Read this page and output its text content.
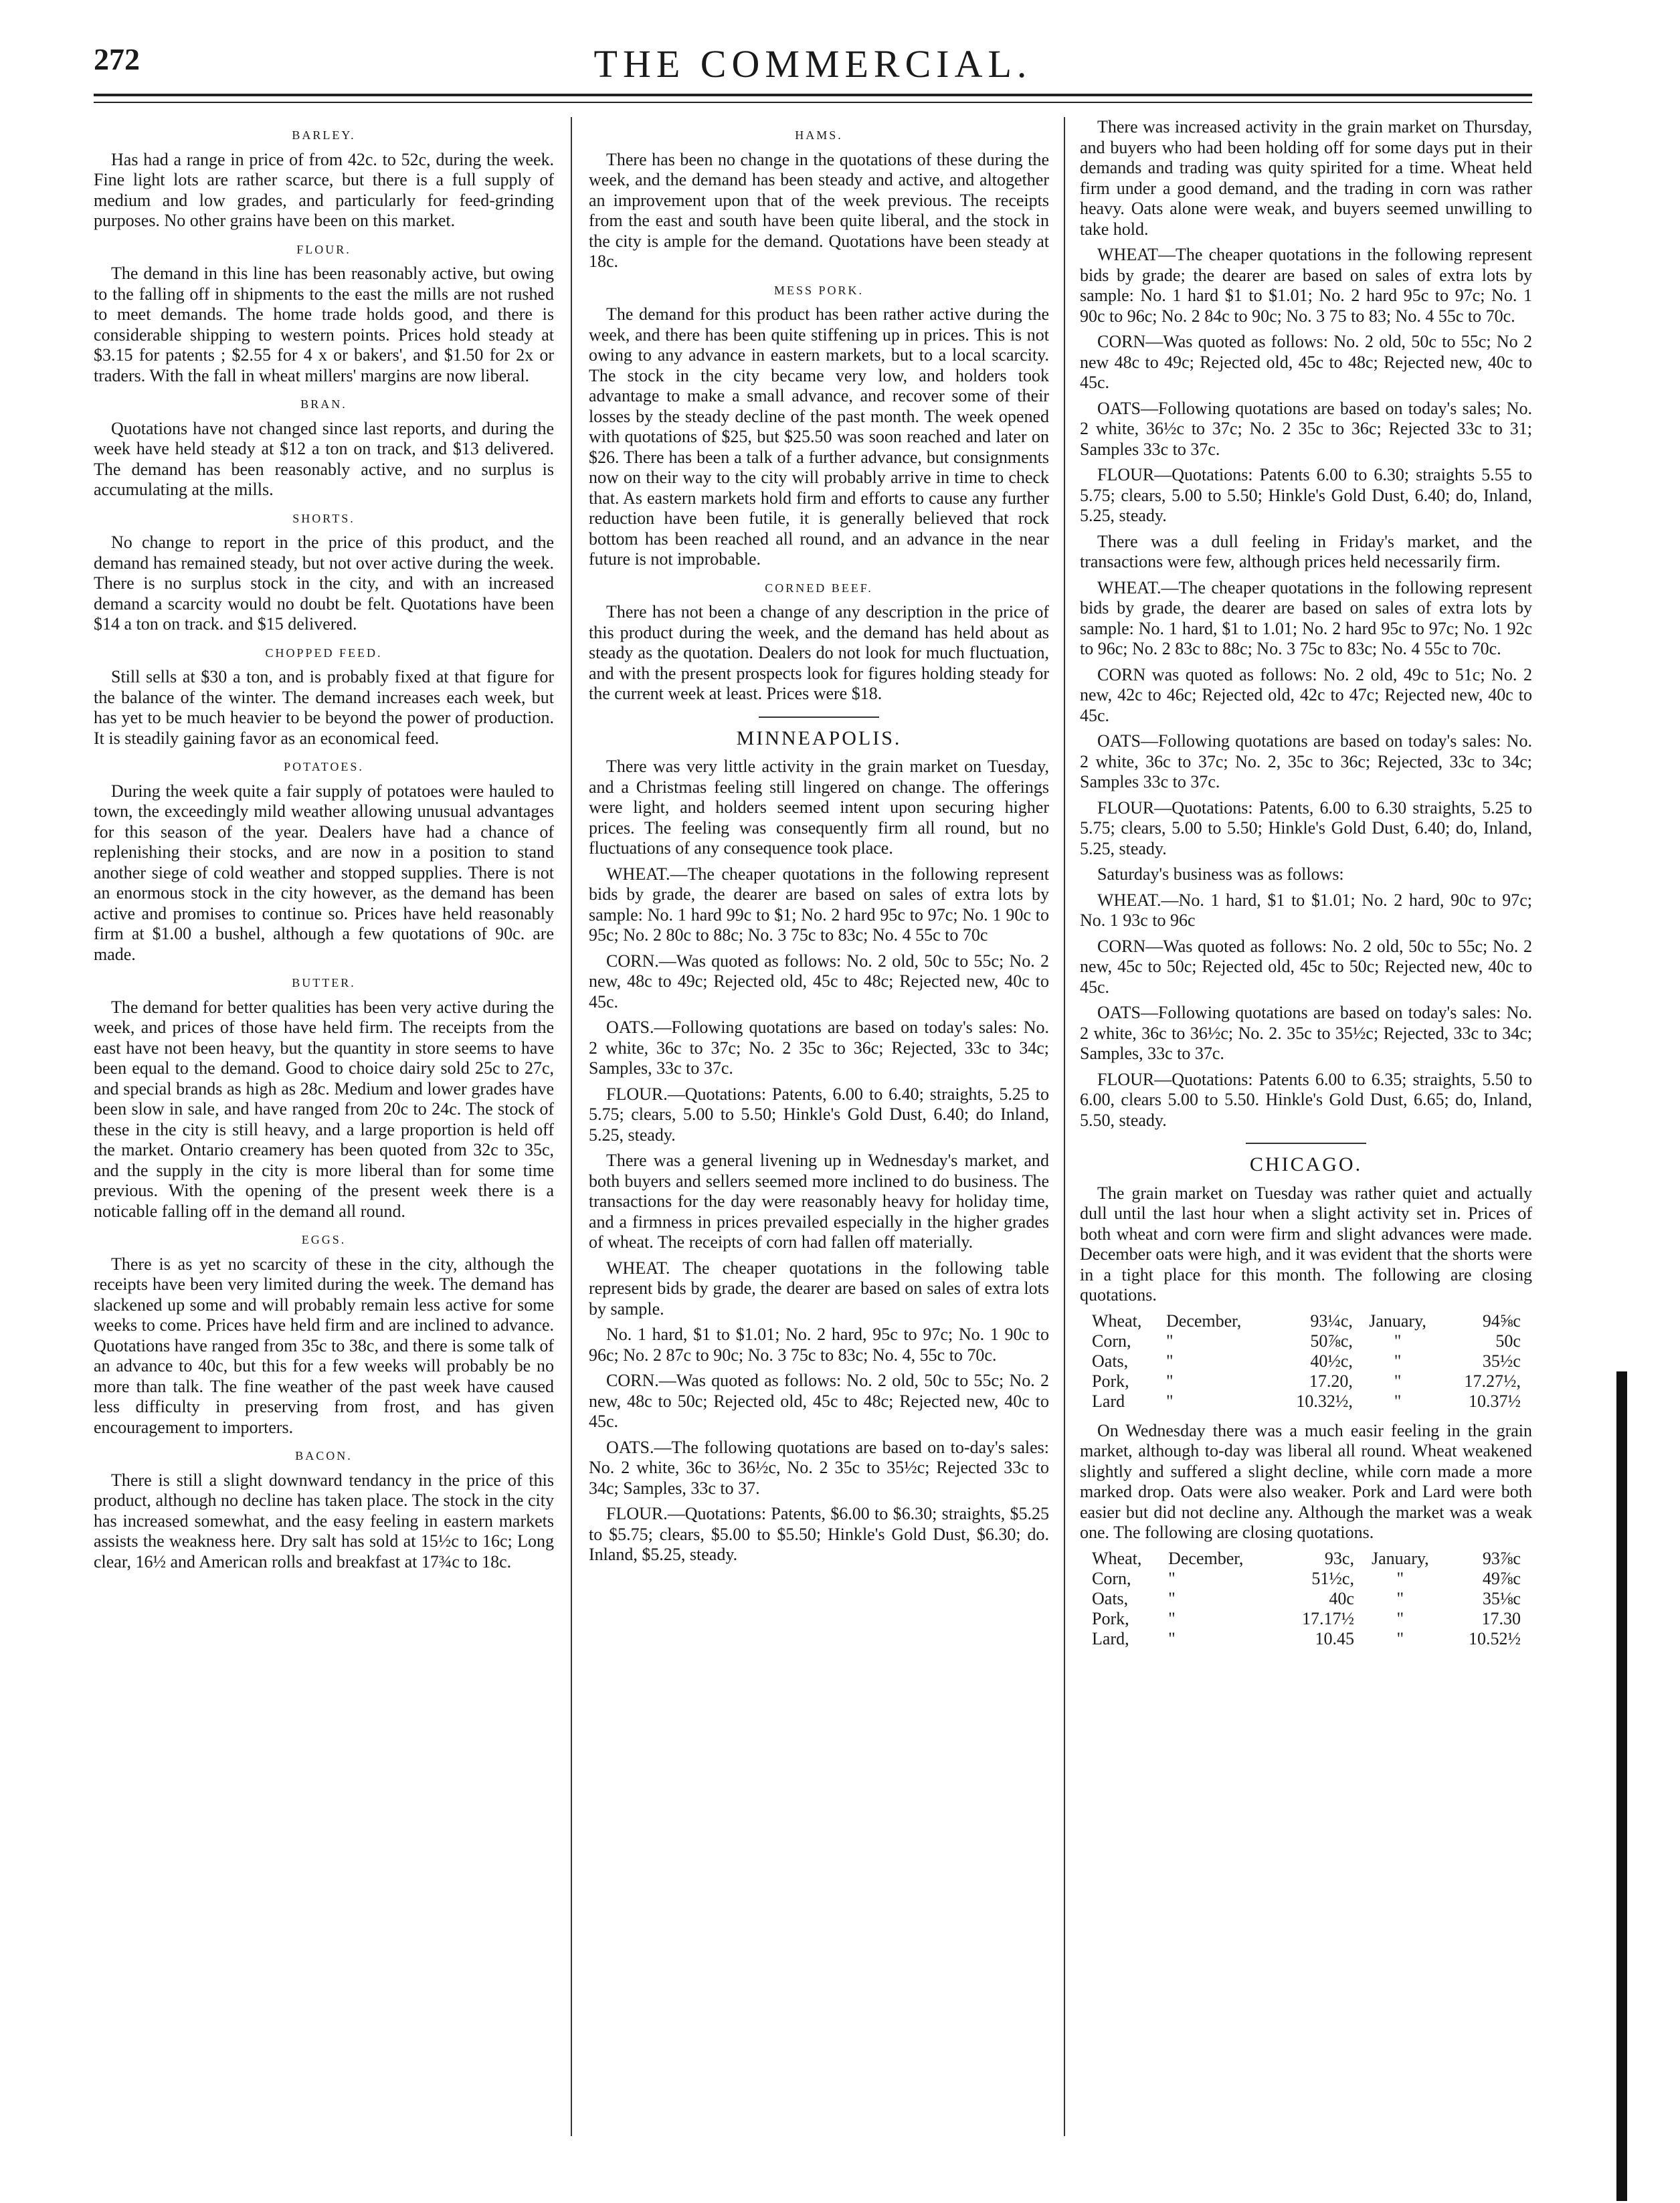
272	THE COMMERCIAL.
BARLEY.

Has had a range in price of from 42c. to 52c, during the week. Fine light lots are rather scarce, but there is a full supply of medium and low grades, and particularly for feed-grinding purposes. No other grains have been on this market.

FLOUR.

The demand in this line has been reasonably active, but owing to the falling off in shipments to the east the mills are not rushed to meet demands. The home trade holds good, and there is considerable shipping to western points. Prices hold steady at $3.15 for patents ; $2.55 for 4 x or bakers', and $1.50 for 2x or traders. With the fall in wheat millers' margins are now liberal.

BRAN.

Quotations have not changed since last reports, and during the week have held steady at $12 a ton on track, and $13 delivered. The demand has been reasonably active, and no surplus is accumulating at the mills.

SHORTS.

No change to report in the price of this product, and the demand has remained steady, but not over active during the week. There is no surplus stock in the city, and with an increased demand a scarcity would no doubt be felt. Quotations have been $14 a ton on track. and $15 delivered.

CHOPPED FEED.

Still sells at $30 a ton, and is probably fixed at that figure for the balance of the winter. The demand increases each week, but has yet to be much heavier to be beyond the power of production. It is steadily gaining favor as an economical feed.

POTATOES.

During the week quite a fair supply of potatoes were hauled to town, the exceedingly mild weather allowing unusual advantages for this season of the year. Dealers have had a chance of replenishing their stocks, and are now in a position to stand another siege of cold weather and stopped supplies. There is not an enormous stock in the city however, as the demand has been active and promises to continue so. Prices have held reasonably firm at $1.00 a bushel, although a few quotations of 90c. are made.

BUTTER.

The demand for better qualities has been very active during the week, and prices of those have held firm. The receipts from the east have not been heavy, but the quantity in store seems to have been equal to the demand. Good to choice dairy sold 25c to 27c, and special brands as high as 28c. Medium and lower grades have been slow in sale, and have ranged from 20c to 24c. The stock of these in the city is still heavy, and a large proportion is held off the market. Ontario creamery has been quoted from 32c to 35c, and the supply in the city is more liberal than for some time previous. With the opening of the present week there is a noticable falling off in the demand all round.

EGGS.

There is as yet no scarcity of these in the city, although the receipts have been very limited during the week. The demand has slackened up some and will probably remain less active for some weeks to come. Prices have held firm and are inclined to advance. Quotations have ranged from 35c to 38c, and there is some talk of an advance to 40c, but this for a few weeks will probably be no more than talk. The fine weather of the past week have caused less difficulty in preserving from frost, and has given encouragement to importers.

BACON.

There is still a slight downward tendancy in the price of this product, although no decline has taken place. The stock in the city has increased somewhat, and the easy feeling in eastern markets assists the weakness here. Dry salt has sold at 15½c to 16c; Long clear, 16½ and American rolls and breakfast at 17¾c to 18c.

HAMS.

There has been no change in the quotations of these during the week, and the demand has been steady and active, and altogether an improvement upon that of the week previous. The receipts from the east and south have been quite liberal, and the stock in the city is ample for the demand. Quotations have been steady at 18c.

MESS PORK.

The demand for this product has been rather active during the week, and there has been quite stiffening up in prices. This is not owing to any advance in eastern markets, but to a local scarcity. The stock in the city became very low, and holders took advantage to make a small advance, and recover some of their losses by the steady decline of the past month. The week opened with quotations of $25, but $25.50 was soon reached and later on $26. There has been a talk of a further advance, but consignments now on their way to the city will probably arrive in time to check that. As eastern markets hold firm and efforts to cause any further reduction have been futile, it is generally believed that rock bottom has been reached all round, and an advance in the near future is not improbable.

CORNED BEEF.

There has not been a change of any description in the price of this product during the week, and the demand has held about as steady as the quotation. Dealers do not look for much fluctuation, and with the present prospects look for figures holding steady for the current week at least. Prices were $18.

MINNEAPOLIS.

There was very little activity in the grain market on Tuesday, and a Christmas feeling still lingered on change. The offerings were light, and holders seemed intent upon securing higher prices. The feeling was consequently firm all round, but no fluctuations of any consequence took place.

WHEAT.—The cheaper quotations in the following represent bids by grade, the dearer are based on sales of extra lots by sample: No. 1 hard 99c to $1; No. 2 hard 95c to 97c; No. 1 90c to 95c; No. 2 80c to 88c; No. 3 75c to 83c; No. 4 55c to 70c

CORN.—Was quoted as follows: No. 2 old, 50c to 55c; No. 2 new, 48c to 49c; Rejected old, 45c to 48c; Rejected new, 40c to 45c.

OATS.—Following quotations are based on today's sales: No. 2 white, 36c to 37c; No. 2 35c to 36c; Rejected, 33c to 34c; Samples, 33c to 37c.

FLOUR.—Quotations: Patents, 6.00 to 6.40; straights, 5.25 to 5.75; clears, 5.00 to 5.50; Hinkle's Gold Dust, 6.40; do Inland, 5.25, steady.

There was a general livening up in Wednesday's market, and both buyers and sellers seemed more inclined to do business. The transactions for the day were reasonably heavy for holiday time, and a firmness in prices prevailed especially in the higher grades of wheat. The receipts of corn had fallen off materially.

WHEAT. The cheaper quotations in the following table represent bids by grade, the dearer are based on sales of extra lots by sample.

No. 1 hard, $1 to $1.01; No. 2 hard, 95c to 97c; No. 1 90c to 96c; No. 2 87c to 90c; No. 3 75c to 83c; No. 4, 55c to 70c.

CORN.—Was quoted as follows: No. 2 old, 50c to 55c; No. 2 new, 48c to 50c; Rejected old, 45c to 48c; Rejected new, 40c to 45c.

OATS.—The following quotations are based on to-day's sales: No. 2 white, 36c to 36½c, No. 2 35c to 35½c; Rejected 33c to 34c; Samples, 33c to 37.

FLOUR.—Quotations: Patents, $6.00 to $6.30; straights, $5.25 to $5.75; clears, $5.00 to $5.50; Hinkle's Gold Dust, $6.30; do. Inland, $5.25, steady.

There was increased activity in the grain market on Thursday, and buyers who had been holding off for some days put in their demands and trading was quity spirited for a time. Wheat held firm under a good demand, and the trading in corn was rather heavy. Oats alone were weak, and buyers seemed unwilling to take hold.

WHEAT—The cheaper quotations in the following represent bids by grade; the dearer are based on sales of extra lots by sample: No. 1 hard $1 to $1.01; No. 2 hard 95c to 97c; No. 1 90c to 96c; No. 2 84c to 90c; No. 3 75 to 83; No. 4 55c to 70c.

CORN—Was quoted as follows: No. 2 old, 50c to 55c; No 2 new 48c to 49c; Rejected old, 45c to 48c; Rejected new, 40c to 45c.

OATS—Following quotations are based on today's sales; No. 2 white, 36½c to 37c; No. 2 35c to 36c; Rejected 33c to 31; Samples 33c to 37c.

FLOUR—Quotations: Patents 6.00 to 6.30; straights 5.55 to 5.75; clears, 5.00 to 5.50; Hinkle's Gold Dust, 6.40; do, Inland, 5.25, steady.

There was a dull feeling in Friday's market, and the transactions were few, although prices held necessarily firm.

WHEAT.—The cheaper quotations in the following represent bids by grade, the dearer are based on sales of extra lots by sample: No. 1 hard, $1 to 1.01; No. 2 hard 95c to 97c; No. 1 92c to 96c; No. 2 83c to 88c; No. 3 75c to 83c; No. 4 55c to 70c.

CORN was quoted as follows: No. 2 old, 49c to 51c; No. 2 new, 42c to 46c; Rejected old, 42c to 47c; Rejected new, 40c to 45c.

OATS—Following quotations are based on today's sales: No. 2 white, 36c to 37c; No. 2, 35c to 36c; Rejected, 33c to 34c; Samples 33c to 37c.

FLOUR—Quotations: Patents, 6.00 to 6.30 straights, 5.25 to 5.75; clears, 5.00 to 5.50; Hinkle's Gold Dust, 6.40; do, Inland, 5.25, steady.

Saturday's business was as follows:

WHEAT.—No. 1 hard, $1 to $1.01; No. 2 hard, 90c to 97c; No. 1 93c to 96c

CORN—Was quoted as follows: No. 2 old, 50c to 55c; No. 2 new, 45c to 50c; Rejected old, 45c to 50c; Rejected new, 40c to 45c.

OATS—Following quotations are based on today's sales: No. 2 white, 36c to 36½c; No. 2. 35c to 35½c; Rejected, 33c to 34c; Samples, 33c to 37c.

FLOUR—Quotations: Patents 6.00 to 6.35; straights, 5.50 to 6.00, clears 5.00 to 5.50. Hinkle's Gold Dust, 6.65; do, Inland, 5.50, steady.

CHICAGO.

The grain market on Tuesday was rather quiet and actually dull until the last hour when a slight activity set in. Prices of both wheat and corn were firm and slight advances were made. December oats were high, and it was evident that the shorts were in a tight place for this month. The following are closing quotations.

Wheat,	December,	93¼c,	January,	94⅝c
Corn,	"	50⅞c,	"	50c
Oats,	"	40½c,	"	35½c
Pork,	"	17.20,	"	17.27½,
Lard	"	10.32½,	"	10.37½

On Wednesday there was a much easir feeling in the grain market, although to-day was liberal all round. Wheat weakened slightly and suffered a slight decline, while corn made a more marked drop. Oats were also weaker. Pork and Lard were both easier but did not decline any. Although the market was a weak one. The following are closing quotations.

Wheat,	December,	93c,	January,	93⅞c
Corn,	"	51½c,	"	49⅞c
Oats,	"	40c	"	35⅛c
Pork,	"	17.17½	"	17.30
Lard,	"	10.45	"	10.52½
